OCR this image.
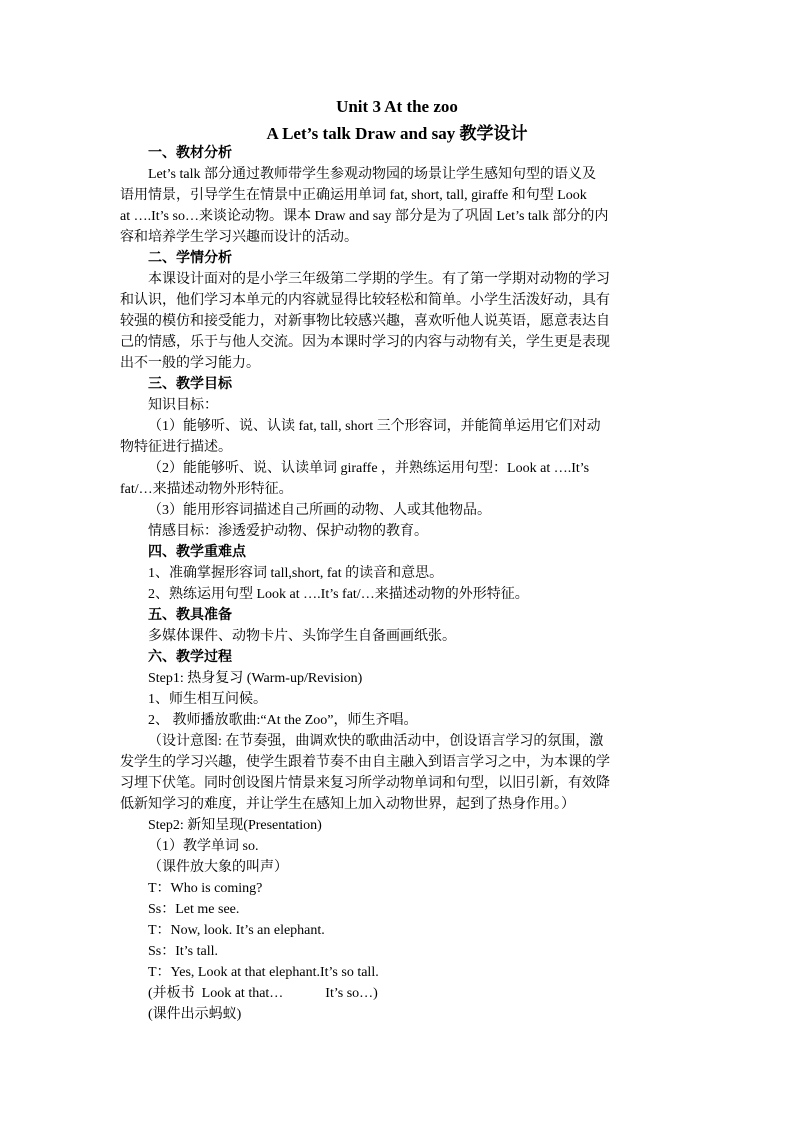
Unit 3 At the zoo
A Let’s talk Draw and say 教学设计
一、教材分析
Let’s talk 部分通过教师带学生参观动物园的场景让学生感知句型的语义及
语用情景，引导学生在情景中正确运用单词 fat, short, tall, giraffe 和句型 Look
at ….It’s so…来谈论动物。课本 Draw and say 部分是为了巩固 Let’s talk 部分的内
容和培养学生学习兴趣而设计的活动。
二、学情分析
本课设计面对的是小学三年级第二学期的学生。有了第一学期对动物的学习
和认识，他们学习本单元的内容就显得比较轻松和简单。小学生活泼好动，具有
较强的模仿和接受能力，对新事物比较感兴趣，喜欢听他人说英语，愿意表达自
己的情感，乐于与他人交流。因为本课时学习的内容与动物有关，学生更是表现
出不一般的学习能力。
三、教学目标
知识目标：
（1）能够听、说、认读 fat, tall, short 三个形容词，并能简单运用它们对动
物特征进行描述。
（2）能能够听、说、认读单词 giraffe ，并熟练运用句型：Look at ….It’s
fat/…来描述动物外形特征。
（3）能用形容词描述自己所画的动物、人或其他物品。
情感目标：渗透爱护动物、保护动物的教育。
四、教学重难点
1、准确掌握形容词 tall,short, fat 的读音和意思。
2、熟练运用句型 Look at ….It’s fat/…来描述动物的外形特征。
五、教具准备
多媒体课件、动物卡片、头饰学生自备画画纸张。
六、教学过程
Step1: 热身复习 (Warm-up/Revision)
1、师生相互问候。
2、 教师播放歌曲:“At the Zoo”，师生齐唱。
（设计意图: 在节奏强，曲调欢快的歌曲活动中，创设语言学习的氛围，激
发学生的学习兴趣，使学生跟着节奏不由自主融入到语言学习之中，为本课的学
习埋下伏笔。同时创设图片情景来复习所学动物单词和句型，以旧引新，有效降
低新知学习的难度，并让学生在感知上加入动物世界，起到了热身作用。）
Step2: 新知呈现(Presentation)
（1）教学单词 so.
（课件放大象的叫声）
T：Who is coming?
Ss：Let me see.
T：Now, look. It’s an elephant.
Ss：It’s tall.
T：Yes, Look at that elephant.It’s so tall.
(并板书  Look at that…            It’s so…)
(课件出示蚂蚁)
